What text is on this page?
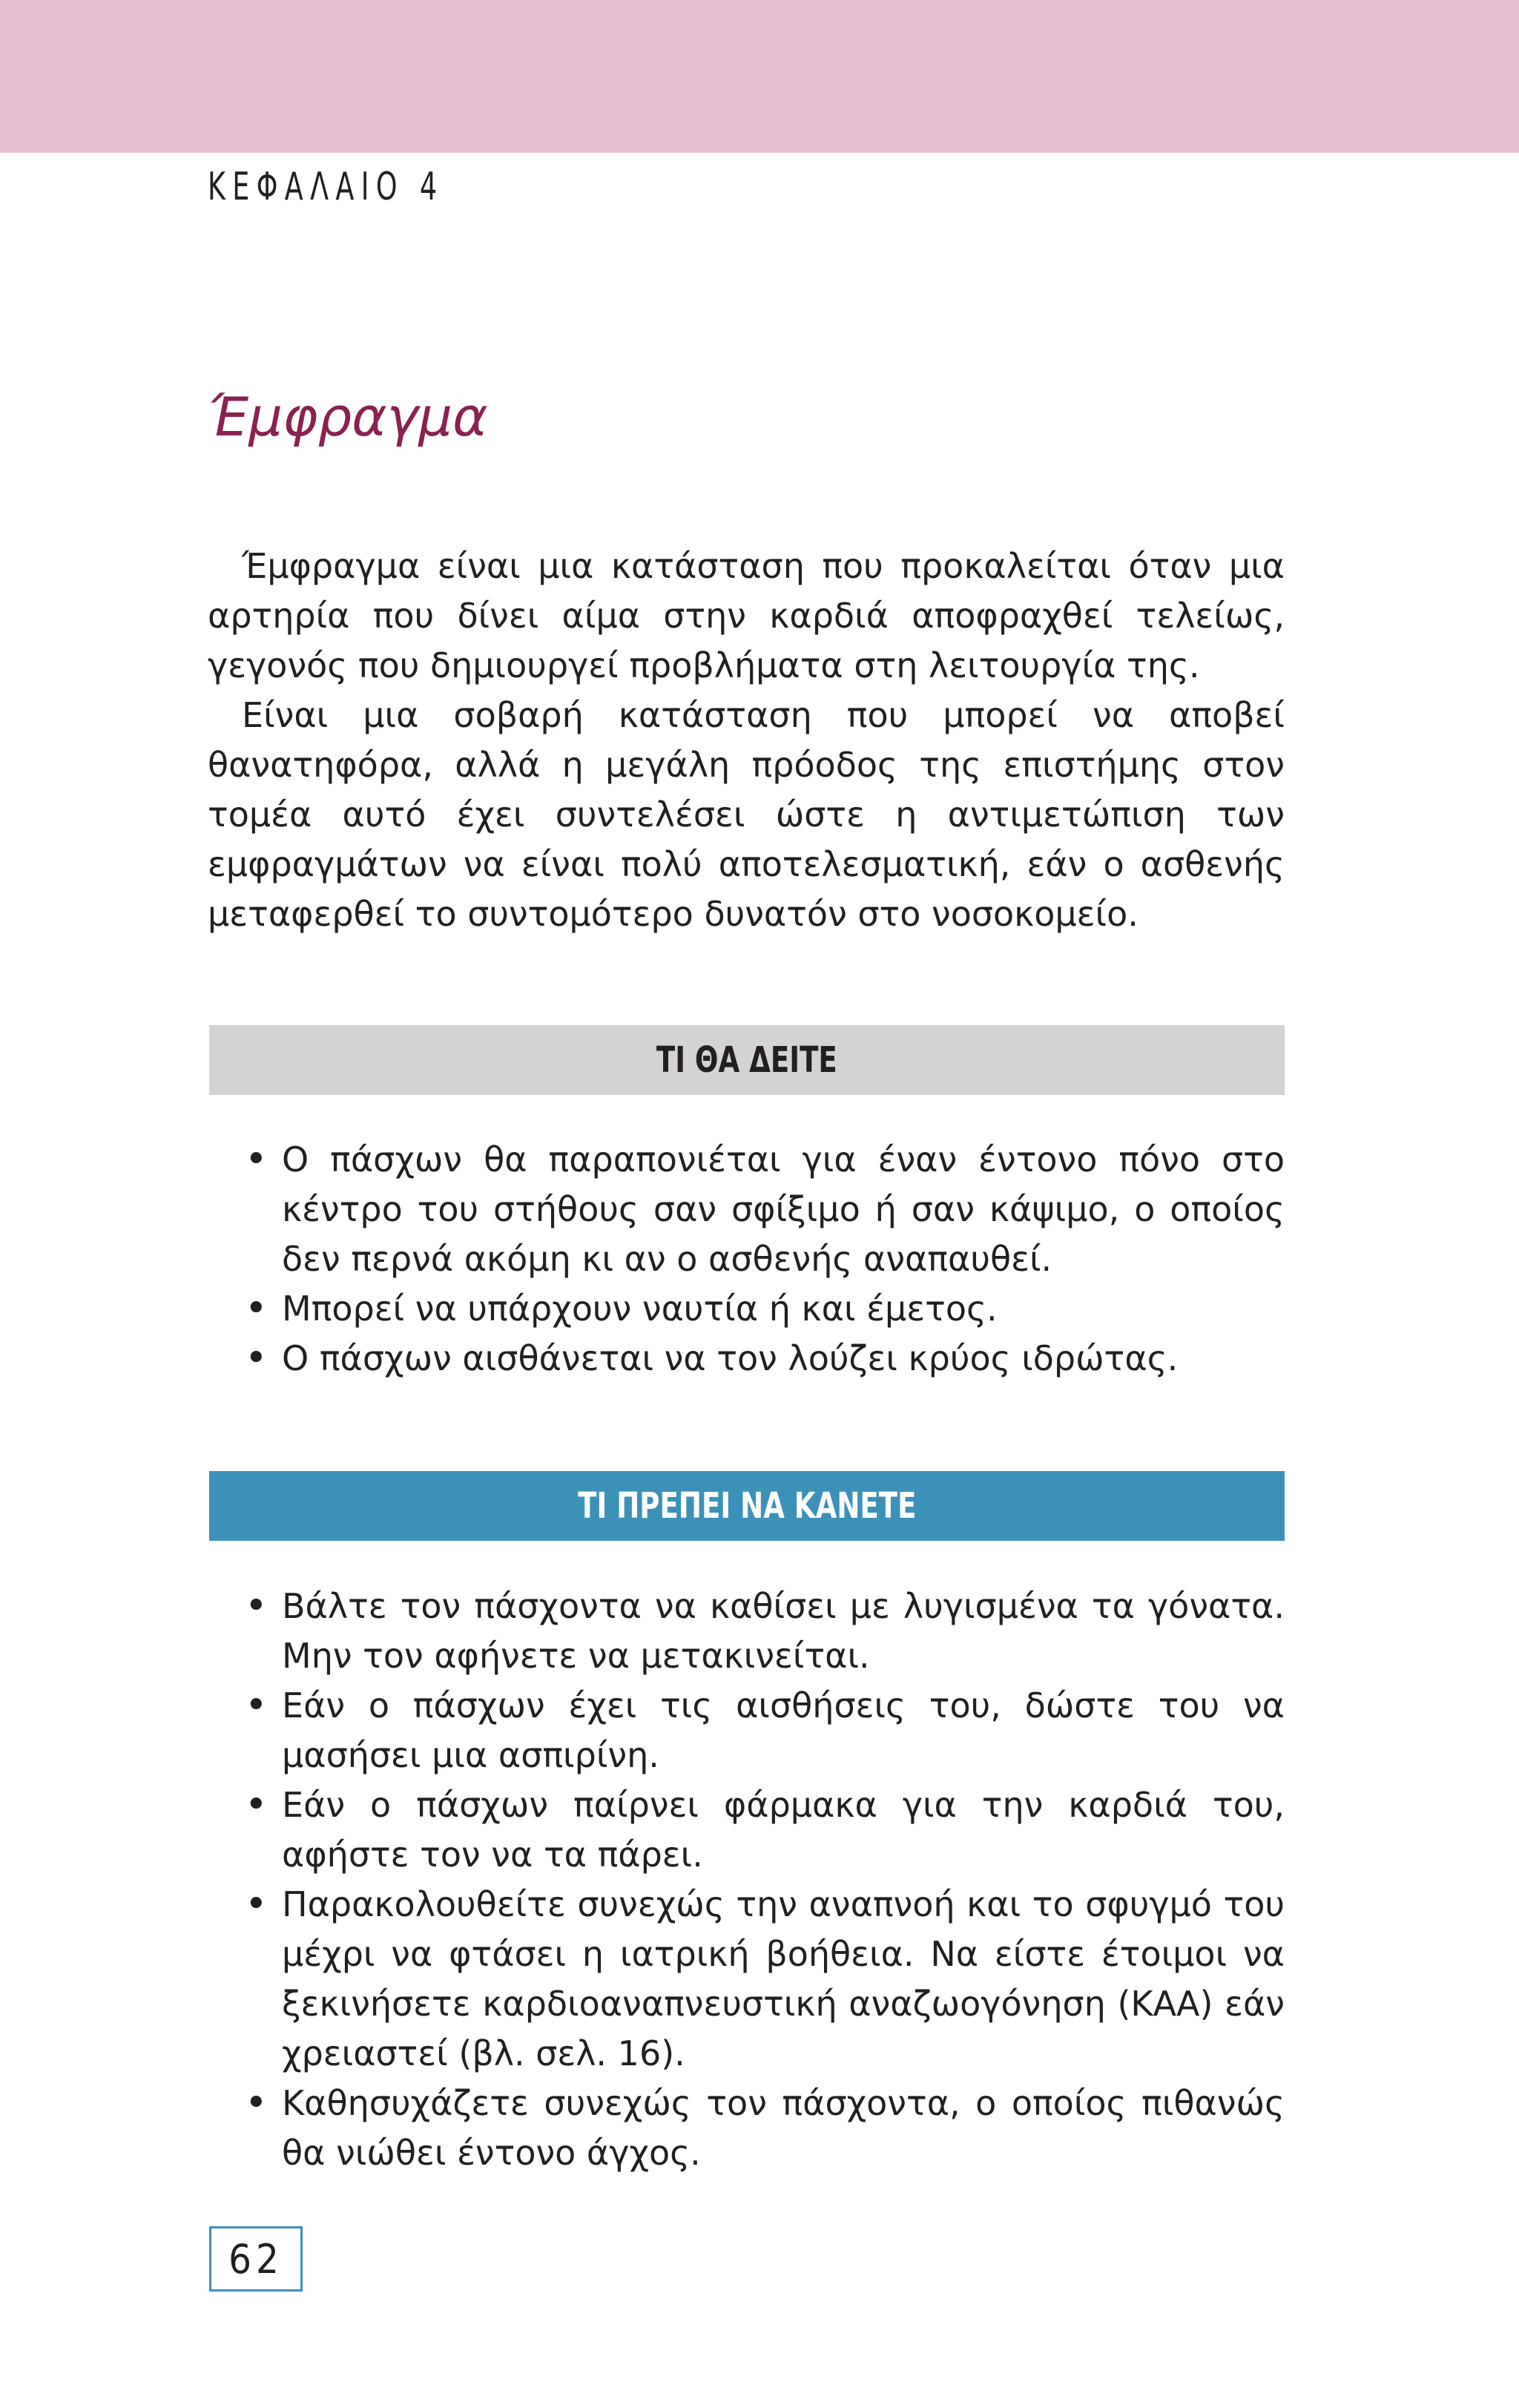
ΚΕΦΑΛΑΙΟ 4
Έμφραγμα

Έμφραγμα είναι μια κατάσταση που προκαλείται όταν μια αρτηρία που δίνει αίμα στην καρδιά αποφραχθεί τελείως, γεγονός που δημιουργεί προβλήματα στη λειτουργία της.

Είναι μια σοβαρή κατάσταση που μπορεί να αποβεί θανατηφόρα, αλλά η μεγάλη πρόοδος της επιστήμης στον τομέα αυτό έχει συντελέσει ώστε η αντιμετώπιση των εμφραγμάτων να είναι πολύ αποτελεσματική, εάν ο ασθενής μεταφερθεί το συντομότερο δυνατόν στο νοσοκομείο.

ΤΙ ΘΑ ΔΕΙΤΕ
• Ο πάσχων θα παραπονιέται για έναν έντονο πόνο στο κέντρο του στήθους σαν σφίξιμο ή σαν κάψιμο, ο οποίος δεν περνά ακόμη κι αν ο ασθενής αναπαυθεί.
• Μπορεί να υπάρχουν ναυτία ή και έμετος.
• Ο πάσχων αισθάνεται να τον λούζει κρύος ιδρώτας.
ΤΙ ΠΡΕΠΕΙ ΝΑ ΚΑΝΕΤΕ
• Βάλτε τον πάσχοντα να καθίσει με λυγισμένα τα γόνατα. Μην τον αφήνετε να μετακινείται.
• Εάν ο πάσχων έχει τις αισθήσεις του, δώστε του να μασήσει μια ασπιρίνη.
• Εάν ο πάσχων παίρνει φάρμακα για την καρδιά του, αφήστε τον να τα πάρει.
• Παρακολουθείτε συνεχώς την αναπνοή και το σφυγμό του μέχρι να φτάσει η ιατρική βοήθεια. Να είστε έτοιμοι να ξεκινήσετε καρδιοαναπνευστική αναζωογόνηση (ΚΑΑ) εάν χρειαστεί (βλ. σελ. 16).
• Καθησυχάζετε συνεχώς τον πάσχοντα, ο οποίος πιθανώς θα νιώθει έντονο άγχος.
62
